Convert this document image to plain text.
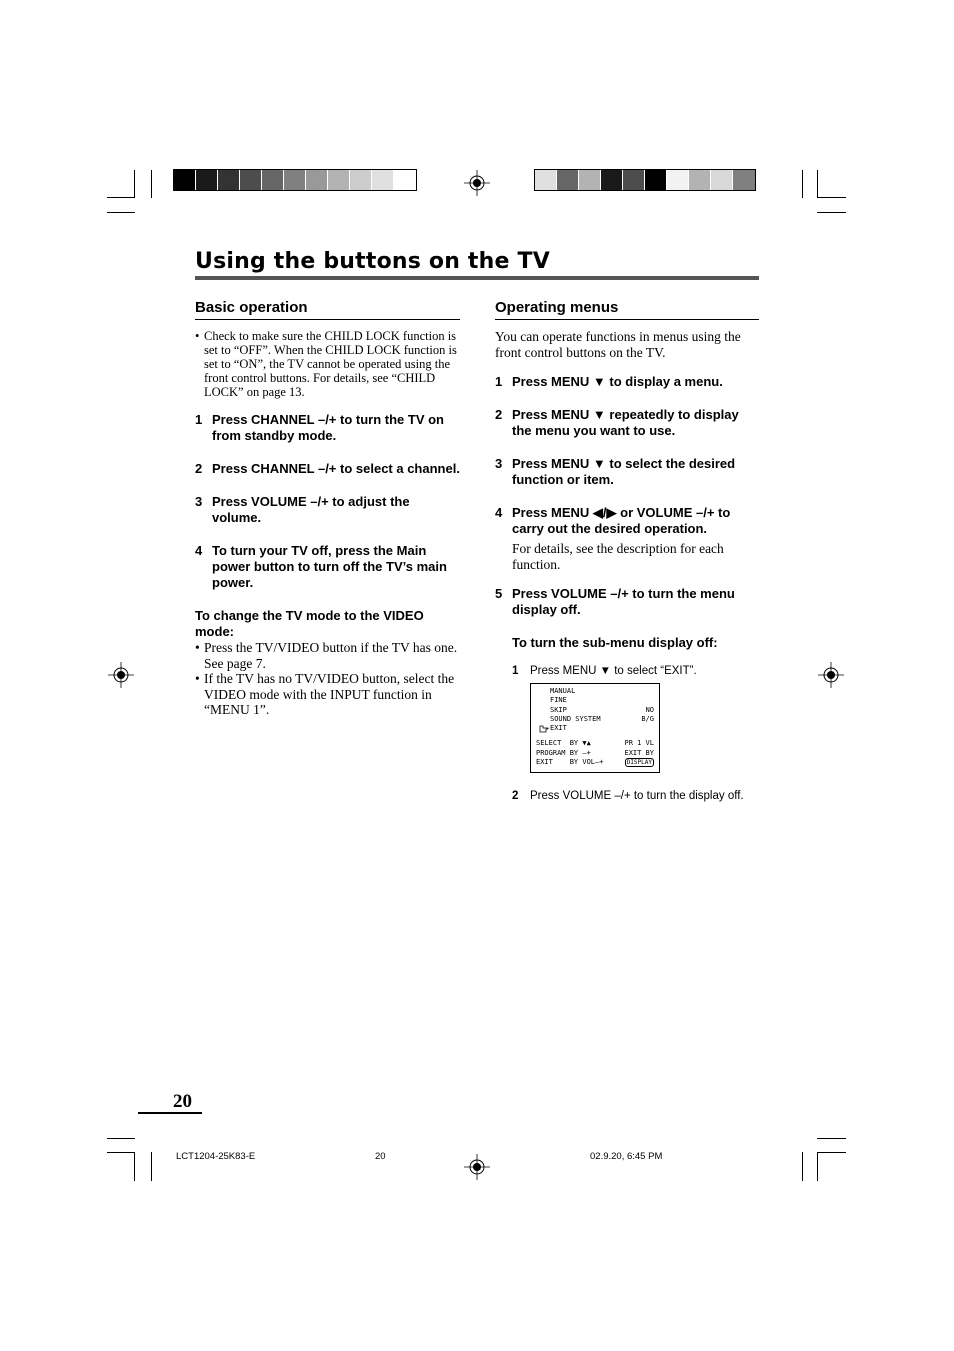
Using the buttons on the TV
Basic operation
• Check to make sure the CHILD LOCK function is set to “OFF”. When the CHILD LOCK function is set to “ON”, the TV cannot be operated using the front control buttons. For details, see “CHILD LOCK” on page 13.
1 Press CHANNEL –/+ to turn the TV on from standby mode.
2 Press CHANNEL –/+ to select a channel.
3 Press VOLUME –/+ to adjust the volume.
4 To turn your TV off, press the Main power button to turn off the TV’s main power.
To change the TV mode to the VIDEO mode:
• Press the TV/VIDEO button if the TV has one. See page 7.
• If the TV has no TV/VIDEO button, select the VIDEO mode with the INPUT function in “MENU 1”.
Operating menus
You can operate functions in menus using the front control buttons on the TV.
1 Press MENU ▼ to display a menu.
2 Press MENU ▼ repeatedly to display the menu you want to use.
3 Press MENU ▼ to select the desired function or item.
4 Press MENU ◀/▶ or VOLUME –/+ to carry out the desired operation.
For details, see the description for each function.
5 Press VOLUME –/+ to turn the menu display off.
To turn the sub-menu display off:
1	Press MENU ▼ to select “EXIT”.
MANUAL
FINE
SKIP	NO
SOUND SYSTEM	B/G
EXIT
SELECT  BY ▼▲	PR 1 VL
PROGRAM BY –+	EXIT BY
EXIT    BY VOL–+	DISPLAY
2	Press VOLUME –/+ to turn the display off.
20
LCT1204-25K83-E	20	02.9.20, 6:45 PM
